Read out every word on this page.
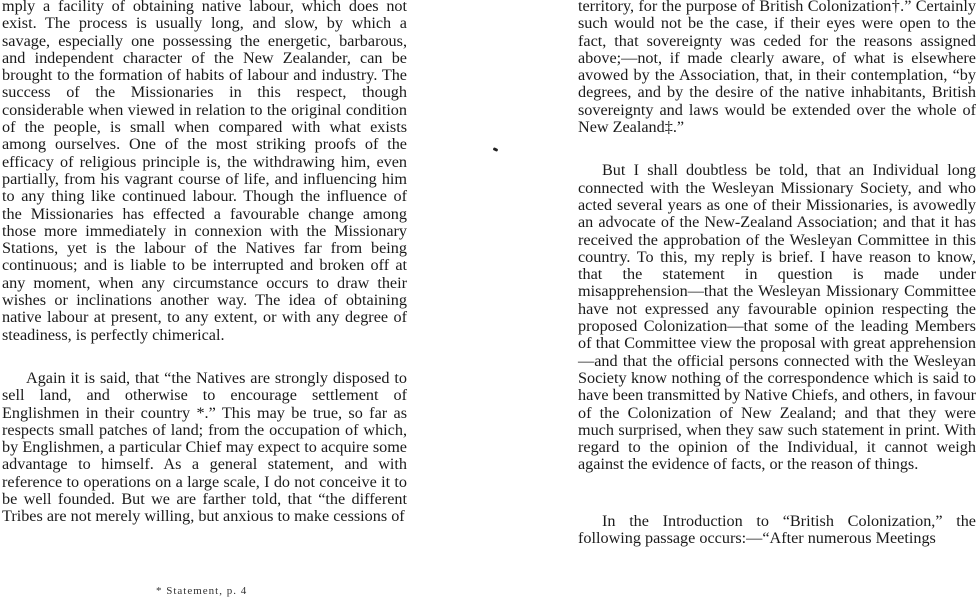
mply a facility of obtaining native labour, which does not exist. The process is usually long, and slow, by which a savage, especially one possessing the energetic, barbarous, and independent character of the New Zealander, can be brought to the formation of habits of labour and industry. The success of the Missionaries in this respect, though considerable when viewed in relation to the original condition of the people, is small when compared with what exists among ourselves. One of the most striking proofs of the efficacy of religious principle is, the withdrawing him, even partially, from his vagrant course of life, and influencing him to any thing like continued labour. Though the influence of the Missionaries has effected a favourable change among those more immediately in connexion with the Missionary Stations, yet is the labour of the Natives far from being continuous; and is liable to be interrupted and broken off at any moment, when any circumstance occurs to draw their wishes or inclinations another way. The idea of obtaining native labour at present, to any extent, or with any degree of steadiness, is perfectly chimerical.

Again it is said, that “the Natives are strongly disposed to sell land, and otherwise to encourage settlement of Englishmen in their country *.” This may be true, so far as respects small patches of land; from the occupation of which, by Englishmen, a particular Chief may expect to acquire some advantage to himself. As a general statement, and with reference to operations on a large scale, I do not conceive it to be well founded. But we are farther told, that “the different Tribes are not merely willing, but anxious to make cessions of

* Statement, p. 4

territory, for the purpose of British Colonization†.” Certainly such would not be the case, if their eyes were open to the fact, that sovereignty was ceded for the reasons assigned above;—not, if made clearly aware, of what is elsewhere avowed by the Association, that, in their contemplation, “by degrees, and by the desire of the native inhabitants, British sovereignty and laws would be extended over the whole of New Zealand‡.”

But I shall doubtless be told, that an Individual long connected with the Wesleyan Missionary Society, and who acted several years as one of their Missionaries, is avowedly an advocate of the New-Zealand Association; and that it has received the approbation of the Wesleyan Committee in this country. To this, my reply is brief. I have reason to know, that the statement in question is made under misapprehension—that the Wesleyan Missionary Committee have not expressed any favourable opinion respecting the proposed Colonization—that some of the leading Members of that Committee view the proposal with great apprehension—and that the official persons connected with the Wesleyan Society know nothing of the correspondence which is said to have been transmitted by Native Chiefs, and others, in favour of the Colonization of New Zealand; and that they were much surprised, when they saw such statement in print. With regard to the opinion of the Individual, it cannot weigh against the evidence of facts, or the reason of things.

In the Introduction to “British Colonization,” the following passage occurs:—“After numerous Meetings
